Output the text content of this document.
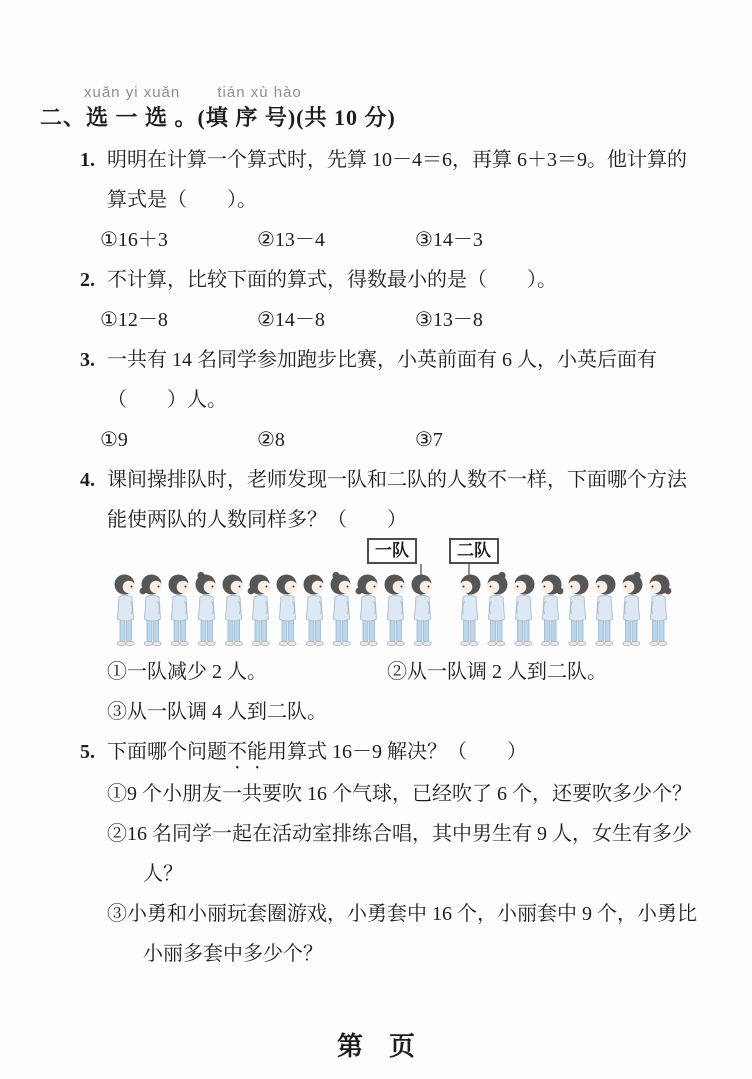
xuǎn yi xuǎn　　 tián xù hào
二、选 一 选 。(填 序 号)(共 10 分)
1. 明明在计算一个算式时，先算 10－4＝6，再算 6＋3＝9。他计算的算式是（　　）。
①16＋3	②13－4	③14－3
2. 不计算，比较下面的算式，得数最小的是（　　）。
①12－8	②14－8	③13－8
3. 一共有 14 名同学参加跑步比赛，小英前面有 6 人，小英后面有（　　）人。
①9	②8	③7
4. 课间操排队时，老师发现一队和二队的人数不一样，下面哪个方法能使两队的人数同样多？（　　）
一队	二队
①一队减少 2 人。	②从一队调 2 人到二队。
③从一队调 4 人到二队。
5. 下面哪个问题不能用算式 16－9 解决？（　　）
①9 个小朋友一共要吹 16 个气球，已经吹了 6 个，还要吹多少个？
②16 名同学一起在活动室排练合唱，其中男生有 9 人，女生有多少人？
③小勇和小丽玩套圈游戏，小勇套中 16 个，小丽套中 9 个，小勇比小丽多套中多少个？
第　页
